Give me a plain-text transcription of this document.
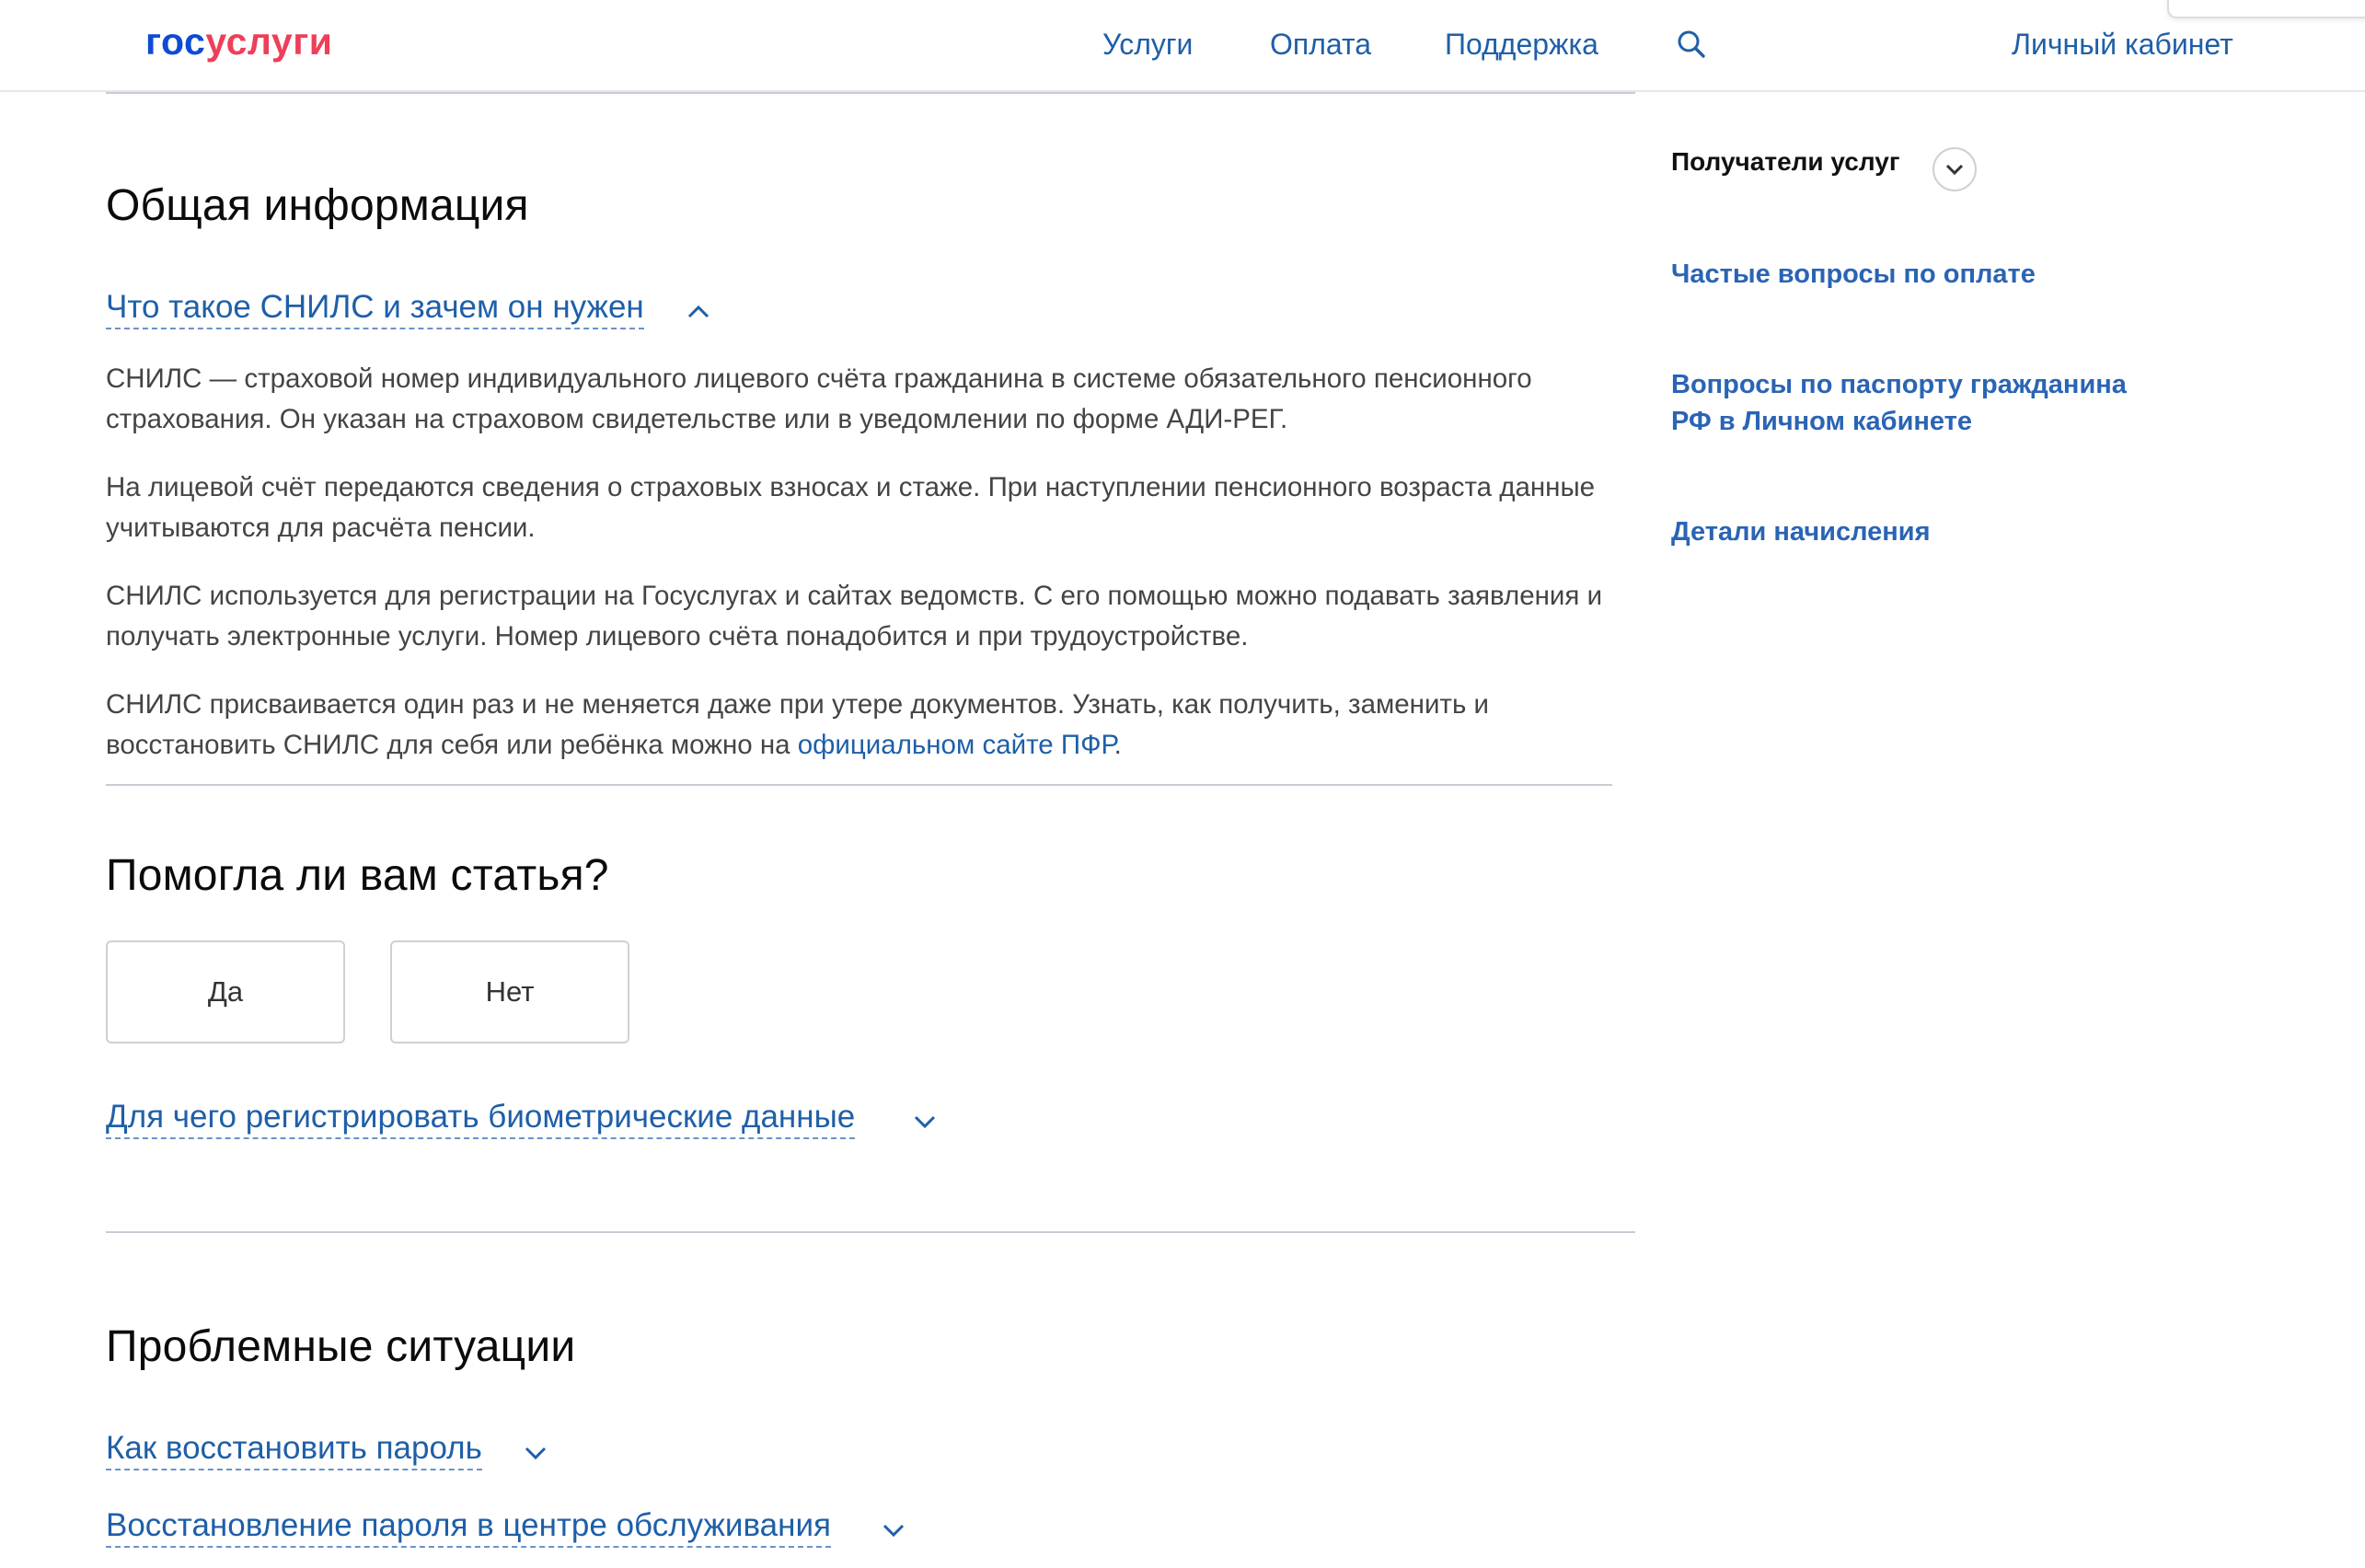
госуслуги	Услуги	Оплата Поддержка	Личный кабинет
Общая информация
Что такое СНИЛС и зачем он нужен

СНИЛС — страховой номер индивидуального лицевого счёта гражданина в системе обязательного пенсионного страхования. Он указан на страховом свидетельстве или в уведомлении по форме АДИ-РЕГ.

На лицевой счёт передаются сведения о страховых взносах и стаже. При наступлении пенсионного возраста данные учитываются для расчёта пенсии.

СНИЛС используется для регистрации на Госуслугах и сайтах ведомств. С его помощью можно подавать заявления и получать электронные услуги. Номер лицевого счёта понадобится и при трудоустройстве.

СНИЛС присваивается один раз и не меняется даже при утере документов. Узнать, как получить, заменить и восстановить СНИЛС для себя или ребёнка можно на официальном сайте ПФР.

Помогла ли вам статья?
Да	Нет
Для чего регистрировать биометрические данные
Проблемные ситуации
Как восстановить пароль
Восстановление пароля в центре обслуживания
Получатели услуг
Частые вопросы по оплате
Вопросы по паспорту гражданина РФ в Личном кабинете
Детали начисления
